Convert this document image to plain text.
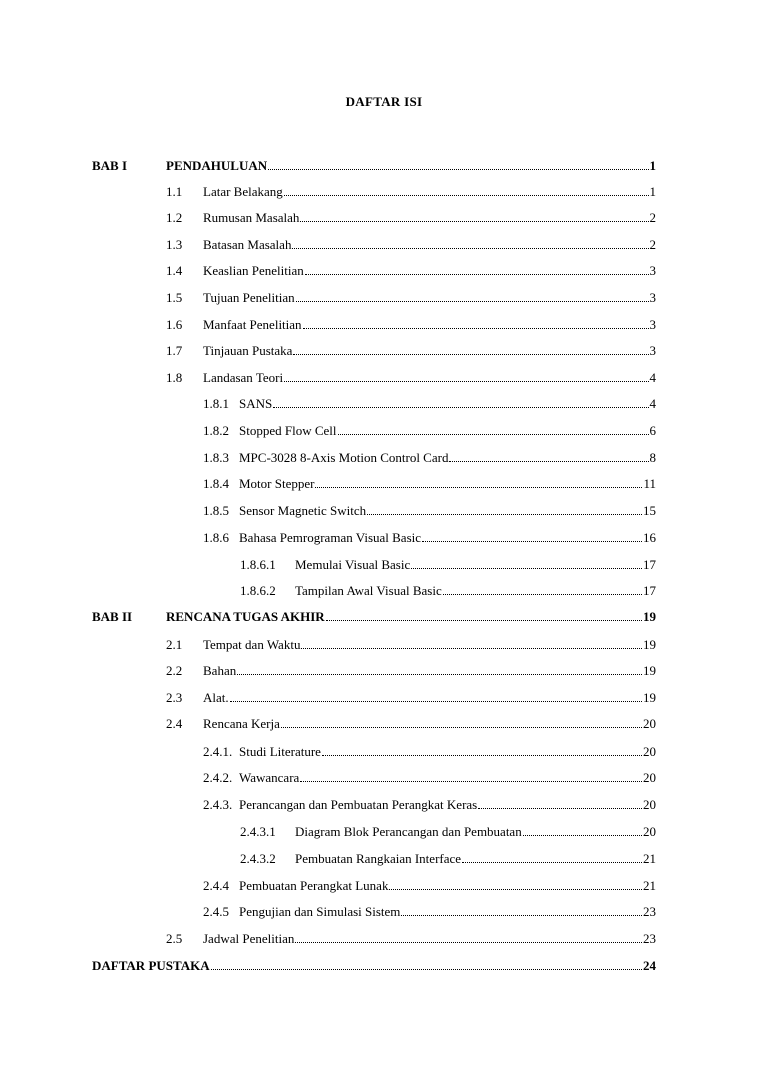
DAFTAR ISI
BAB I	PENDAHULUAN	1
1.1	Latar Belakang	1
1.2	Rumusan Masalah	2
1.3	Batasan Masalah	2
1.4	Keaslian Penelitian	3
1.5	Tujuan Penelitian	3
1.6	Manfaat Penelitian	3
1.7	Tinjauan Pustaka	3
1.8	Landasan Teori	4
1.8.1 SANS	4
1.8.2 Stopped Flow Cell	6
1.8.3 MPC-3028 8-Axis Motion Control Card	8
1.8.4 Motor Stepper	11
1.8.5 Sensor Magnetic Switch	15
1.8.6 Bahasa Pemrograman Visual Basic	16
1.8.6.1	Memulai Visual Basic	17
1.8.6.2	Tampilan Awal Visual Basic	17
BAB II	RENCANA TUGAS AKHIR	19
2.1	Tempat dan Waktu	19
2.2	Bahan	19
2.3	Alat.	19
2.4	Rencana Kerja	20
2.4.1. Studi Literature	20
2.4.2. Wawancara	20
2.4.3. Perancangan dan Pembuatan Perangkat Keras	20
2.4.3.1	Diagram Blok Perancangan dan Pembuatan	20
2.4.3.2	Pembuatan Rangkaian Interface	21
2.4.4 Pembuatan Perangkat Lunak	21
2.4.5 Pengujian dan Simulasi Sistem	23
2.5	Jadwal Penelitian	23
DAFTAR PUSTAKA	24
